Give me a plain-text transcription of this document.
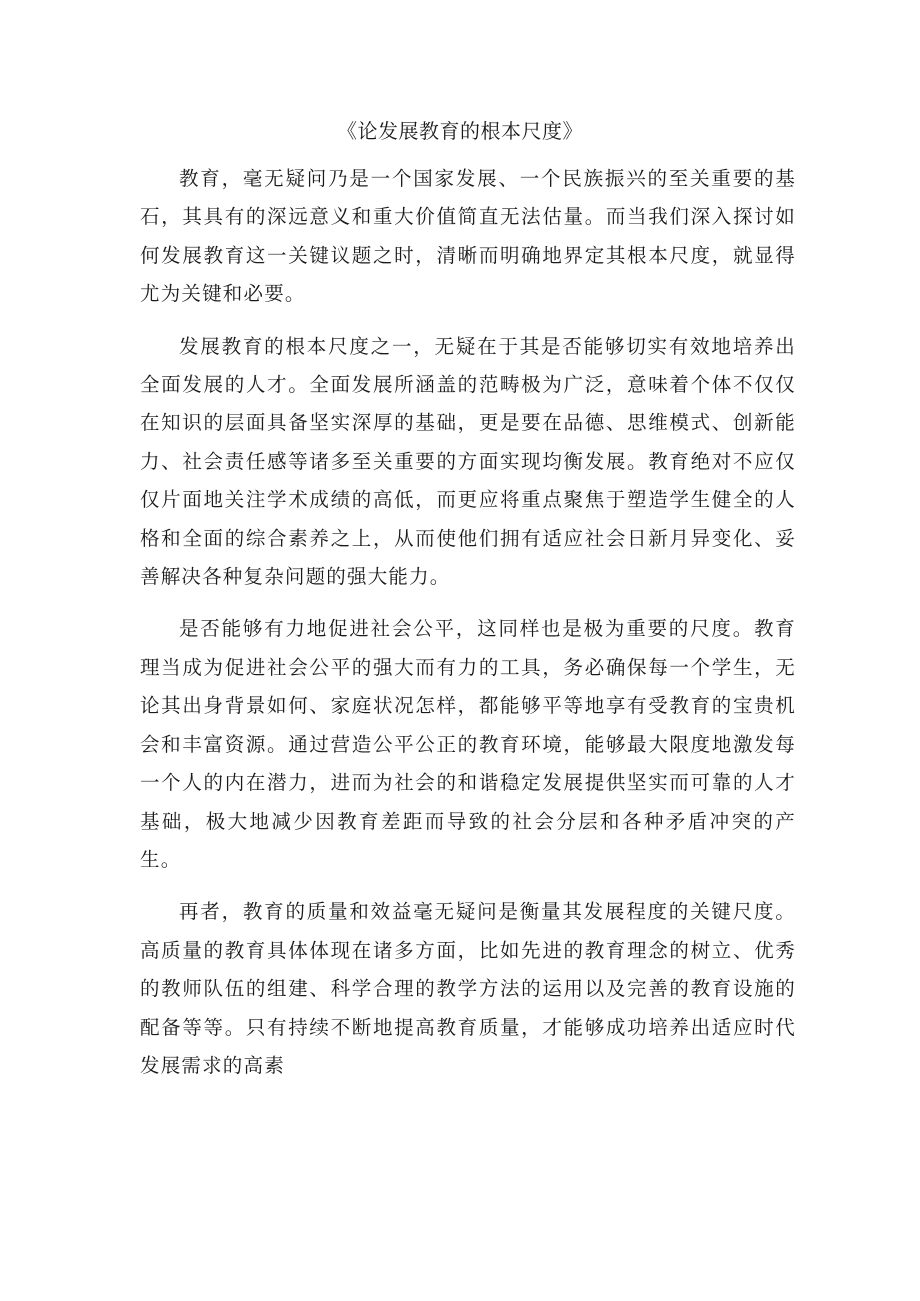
《论发展教育的根本尺度》

教育，毫无疑问乃是一个国家发展、一个民族振兴的至关重要的基石，其具有的深远意义和重大价值简直无法估量。而当我们深入探讨如何发展教育这一关键议题之时，清晰而明确地界定其根本尺度，就显得尤为关键和必要。

发展教育的根本尺度之一，无疑在于其是否能够切实有效地培养出全面发展的人才。全面发展所涵盖的范畴极为广泛，意味着个体不仅仅在知识的层面具备坚实深厚的基础，更是要在品德、思维模式、创新能力、社会责任感等诸多至关重要的方面实现均衡发展。教育绝对不应仅仅片面地关注学术成绩的高低，而更应将重点聚焦于塑造学生健全的人格和全面的综合素养之上，从而使他们拥有适应社会日新月异变化、妥善解决各种复杂问题的强大能力。

是否能够有力地促进社会公平，这同样也是极为重要的尺度。教育理当成为促进社会公平的强大而有力的工具，务必确保每一个学生，无论其出身背景如何、家庭状况怎样，都能够平等地享有受教育的宝贵机会和丰富资源。通过营造公平公正的教育环境，能够最大限度地激发每一个人的内在潜力，进而为社会的和谐稳定发展提供坚实而可靠的人才基础，极大地减少因教育差距而导致的社会分层和各种矛盾冲突的产生。

再者，教育的质量和效益毫无疑问是衡量其发展程度的关键尺度。高质量的教育具体体现在诸多方面，比如先进的教育理念的树立、优秀的教师队伍的组建、科学合理的教学方法的运用以及完善的教育设施的配备等等。只有持续不断地提高教育质量，才能够成功培养出适应时代发展需求的高素
